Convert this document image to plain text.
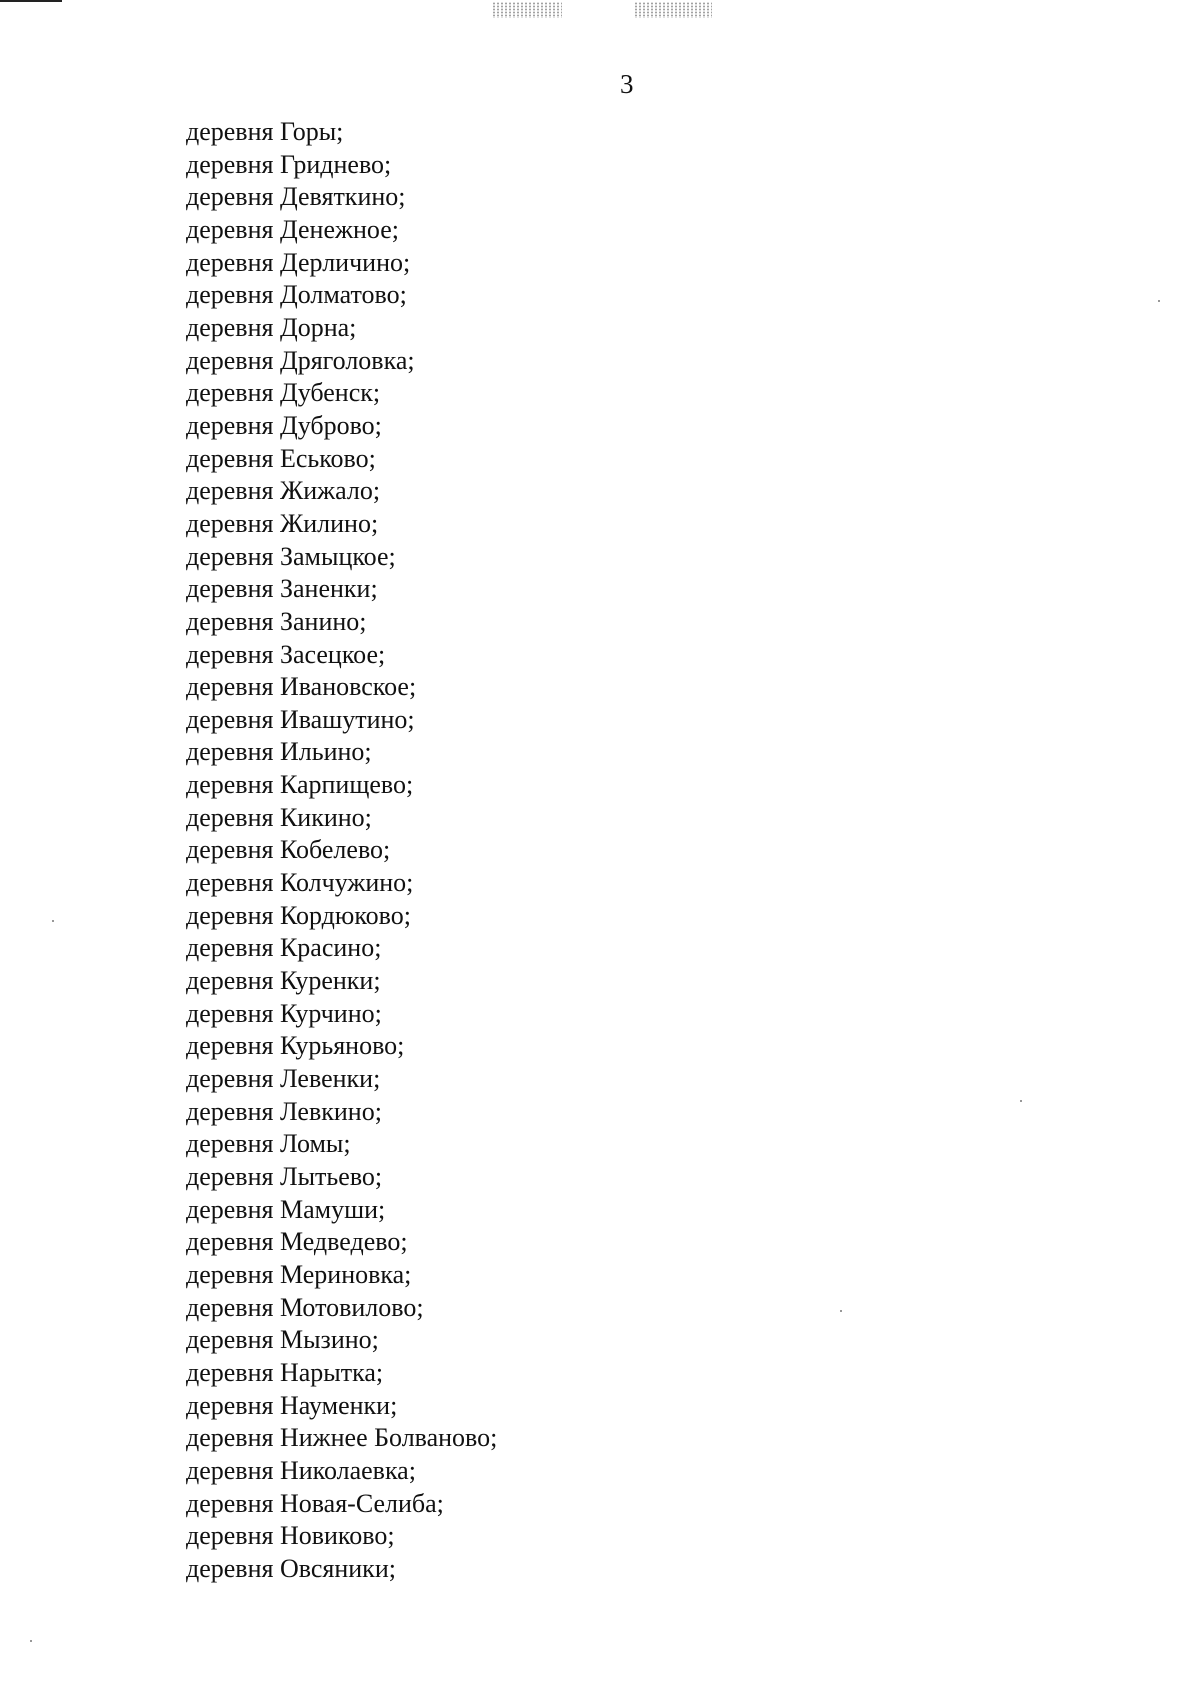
3
деревня Горы;
деревня Гриднево;
деревня Девяткино;
деревня Денежное;
деревня Дерличино;
деревня Долматово;
деревня Дорна;
деревня Дряголовка;
деревня Дубенск;
деревня Дуброво;
деревня Еськово;
деревня Жижало;
деревня Жилино;
деревня Замыцкое;
деревня Заненки;
деревня Занино;
деревня Засецкое;
деревня Ивановское;
деревня Ивашутино;
деревня Ильино;
деревня Карпищево;
деревня Кикино;
деревня Кобелево;
деревня Колчужино;
деревня Кордюково;
деревня Красино;
деревня Куренки;
деревня Курчино;
деревня Курьяново;
деревня Левенки;
деревня Левкино;
деревня Ломы;
деревня Лытьево;
деревня Мамуши;
деревня Медведево;
деревня Мериновка;
деревня Мотовилово;
деревня Мызино;
деревня Нарытка;
деревня Науменки;
деревня Нижнее Болваново;
деревня Николаевка;
деревня Новая-Селиба;
деревня Новиково;
деревня Овсяники;
